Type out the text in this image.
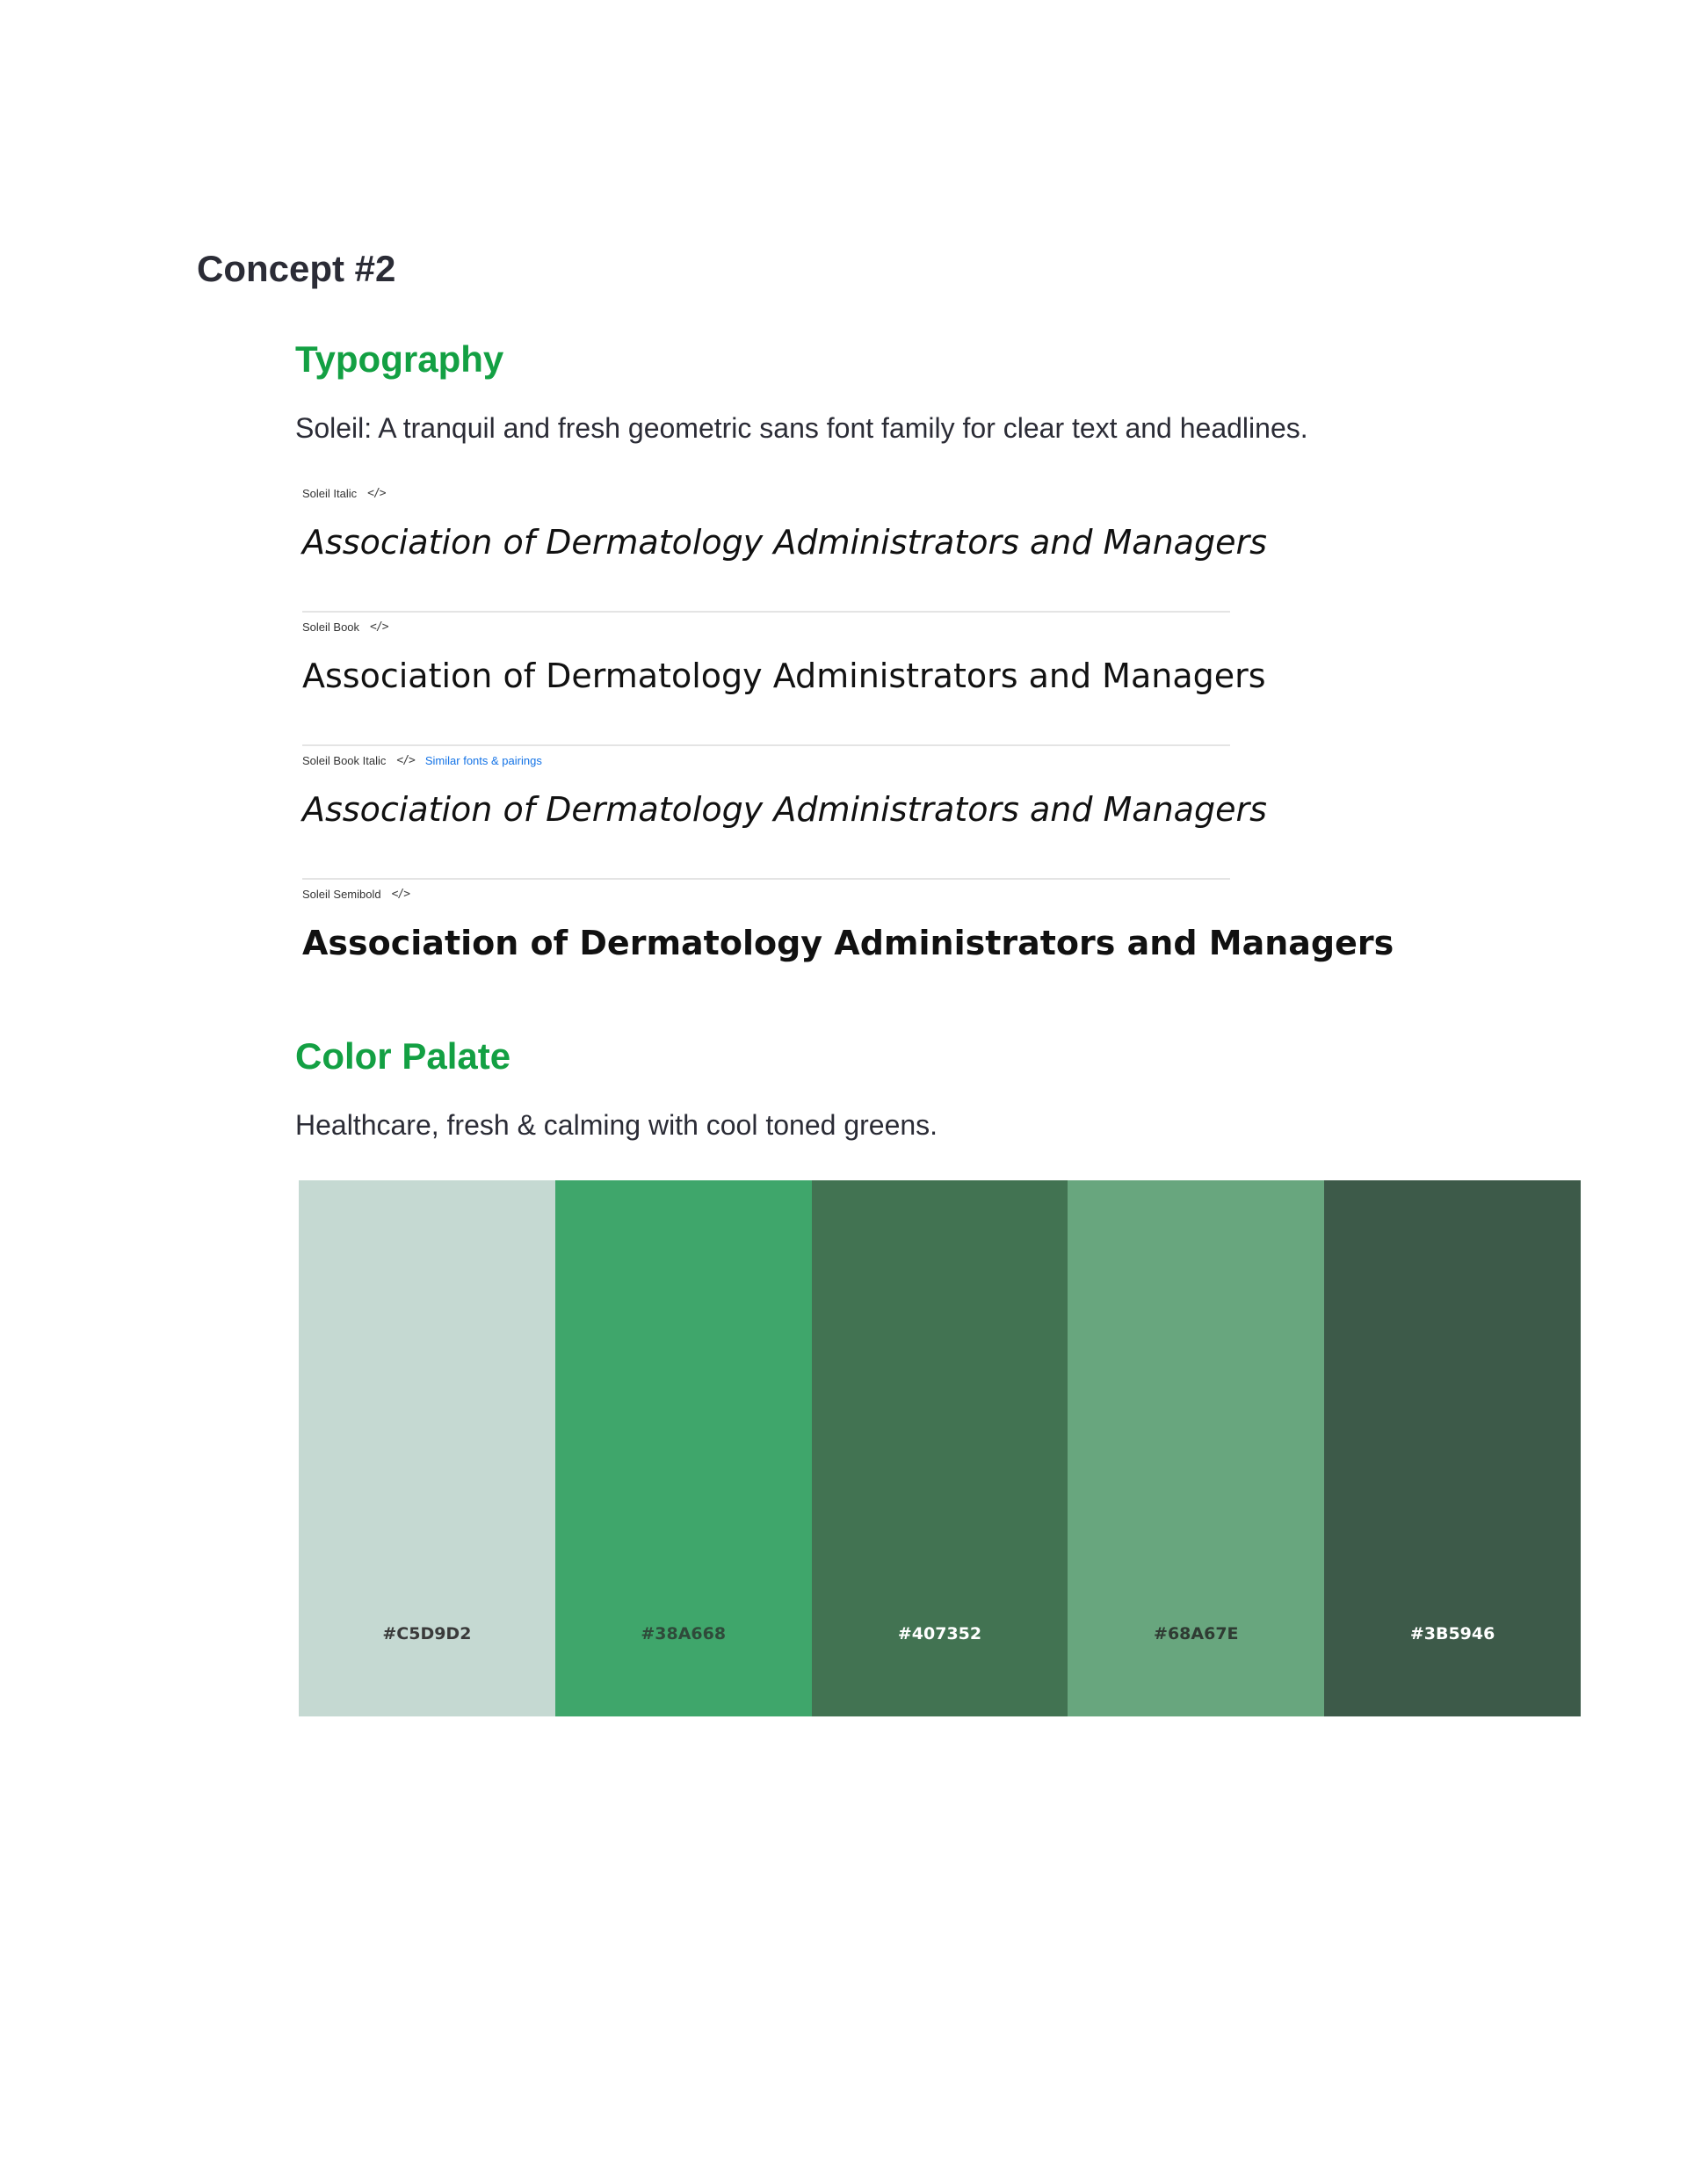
Concept #2
Typography

Soleil: A tranquil and fresh geometric sans font family for clear text and headlines.

Soleil Italic </>
Association of Dermatology Administrators and Managers
Soleil Book </>
Association of Dermatology Administrators and Managers
Soleil Book Italic </> Similar fonts & pairings
Association of Dermatology Administrators and Managers
Soleil Semibold </>
Association of Dermatology Administrators and Managers
Color Palate

Healthcare, fresh & calming with cool toned greens.

#C5D9D2	#38A668	#407352	#68A67E	#3B5946
